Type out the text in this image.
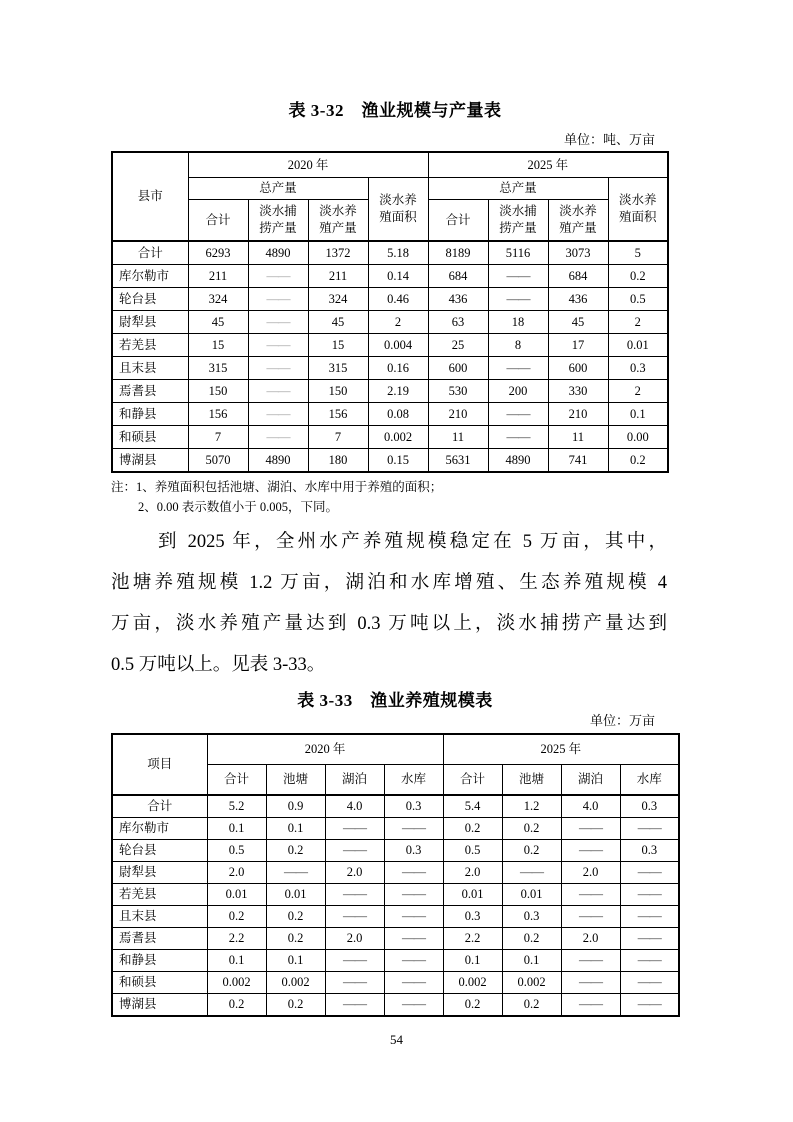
表 3-32　渔业规模与产量表
单位：吨、万亩
县市	2020 年				2025 年			
	总产量			淡水养殖面积	总产量			淡水养殖面积
	合计	淡水捕捞产量	淡水养殖产量		合计	淡水捕捞产量	淡水养殖产量	
合计	6293	4890	1372	5.18	8189	5116	3073	5
库尔勒市	211	——	211	0.14	684	——	684	0.2
轮台县	324	——	324	0.46	436	——	436	0.5
尉犁县	45	——	45	2	63	18	45	2
若羌县	15	——	15	0.004	25	8	17	0.01
且末县	315	——	315	0.16	600	——	600	0.3
焉耆县	150	——	150	2.19	530	200	330	2
和静县	156	——	156	0.08	210	——	210	0.1
和硕县	7	——	7	0.002	11	——	11	0.00
博湖县	5070	4890	180	0.15	5631	4890	741	0.2
注：1、养殖面积包括池塘、湖泊、水库中用于养殖的面积；
2、0.00 表示数值小于 0.005，下同。
到 2025 年，全州水产养殖规模稳定在 5 万亩，其中，
池塘养殖规模 1.2 万亩，湖泊和水库增殖、生态养殖规模 4
万亩，淡水养殖产量达到 0.3 万吨以上，淡水捕捞产量达到
0.5 万吨以上。见表 3-33。
表 3-33　渔业养殖规模表
单位：万亩
项目	2020 年				2025 年			
	合计	池塘	湖泊	水库	合计	池塘	湖泊	水库
合计	5.2	0.9	4.0	0.3	5.4	1.2	4.0	0.3
库尔勒市	0.1	0.1	——	——	0.2	0.2	——	——
轮台县	0.5	0.2	——	0.3	0.5	0.2	——	0.3
尉犁县	2.0	——	2.0	——	2.0	——	2.0	——
若羌县	0.01	0.01	——	——	0.01	0.01	——	——
且末县	0.2	0.2	——	——	0.3	0.3	——	——
焉耆县	2.2	0.2	2.0	——	2.2	0.2	2.0	——
和静县	0.1	0.1	——	——	0.1	0.1	——	——
和硕县	0.002	0.002	——	——	0.002	0.002	——	——
博湖县	0.2	0.2	——	——	0.2	0.2	——	——
54
